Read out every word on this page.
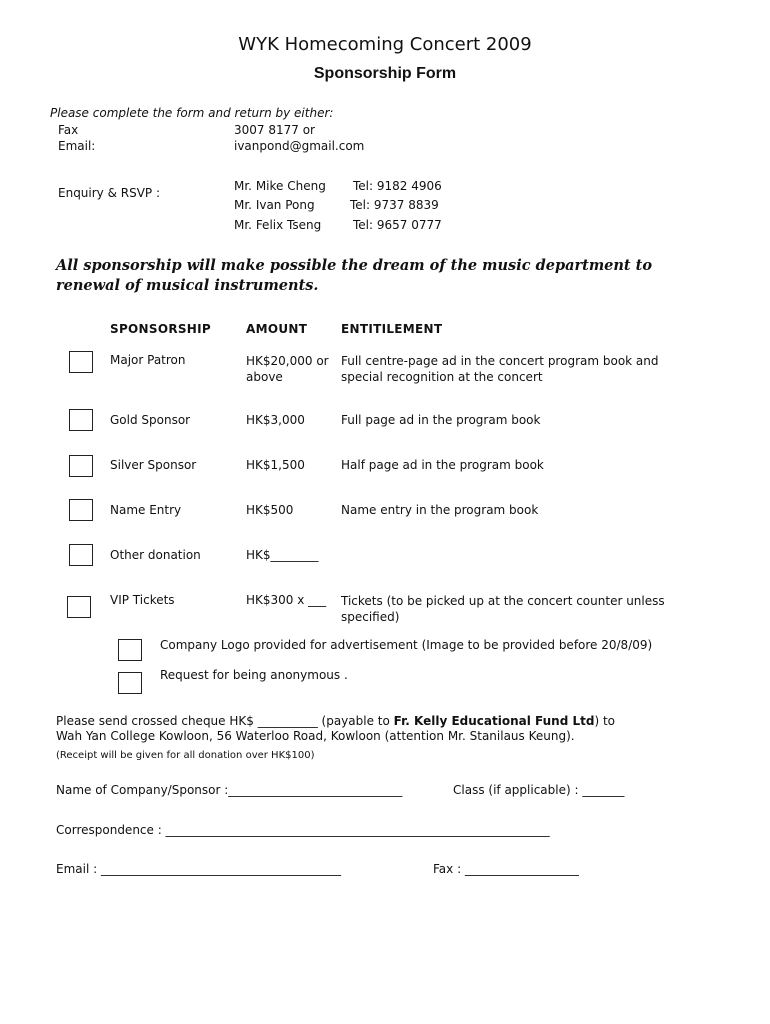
WYK Homecoming Concert 2009
Sponsorship Form
Please complete the form and return by either:
Fax	3007 8177 or
Email:	ivanpond@gmail.com
Enquiry & RSVP :	Mr. Mike Cheng Tel: 9182 4906
Mr. Ivan Pong	Tel: 9737 8839
Mr. Felix Tseng	Tel: 9657 0777
All sponsorship will make possible the dream of the music department to renewal of musical instruments.
SPONSORSHIP	AMOUNT	ENTITILEMENT
Major Patron	HK$20,000 or above
Full centre-page ad in the concert program book and special recognition at the concert
Gold Sponsor	HK$3,000	Full page ad in the program book
Silver Sponsor	HK$1,500	Half page ad in the program book
Name Entry	HK$500	Name entry in the program book
Other donation	HK$________
VIP Tickets	HK$300 x ___ Tickets (to be picked up at the concert counter unless specified)
Company Logo provided for advertisement (Image to be provided before 20/8/09)
Request for being anonymous .
Please send crossed cheque HK$ __________ (payable to Fr. Kelly Educational Fund Ltd) to
Wah Yan College Kowloon, 56 Waterloo Road, Kowloon (attention Mr. Stanilaus Keung).
(Receipt will be given for all donation over HK$100)
Name of Company/Sponsor :_____________________________	Class (if applicable) : _______
Correspondence : ________________________________________________________________
Email : ________________________________________	Fax : ___________________
